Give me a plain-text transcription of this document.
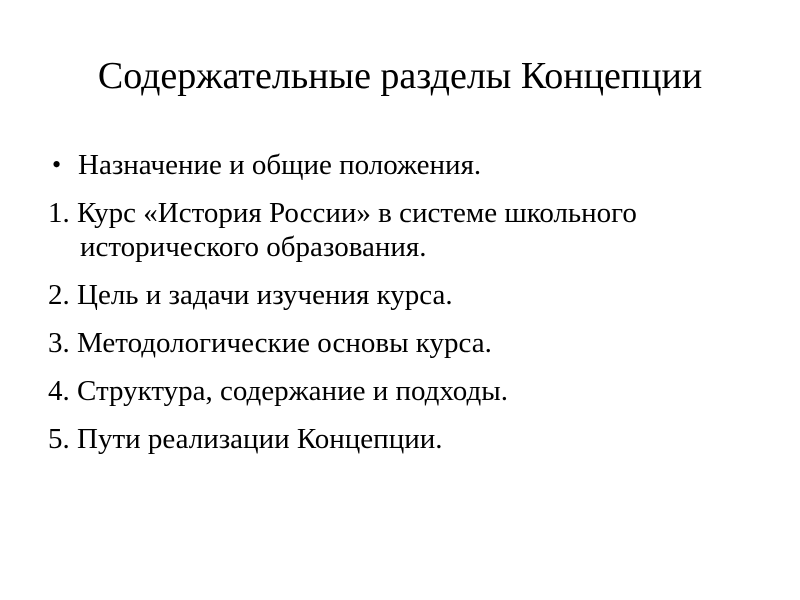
Содержательные разделы Концепции
• Назначение и общие положения.
1. Курс «История России» в системе школьного исторического образования.
2. Цель и задачи изучения курса.
3. Методологические основы курса.
4. Структура, содержание и подходы.
5. Пути реализации Концепции.
